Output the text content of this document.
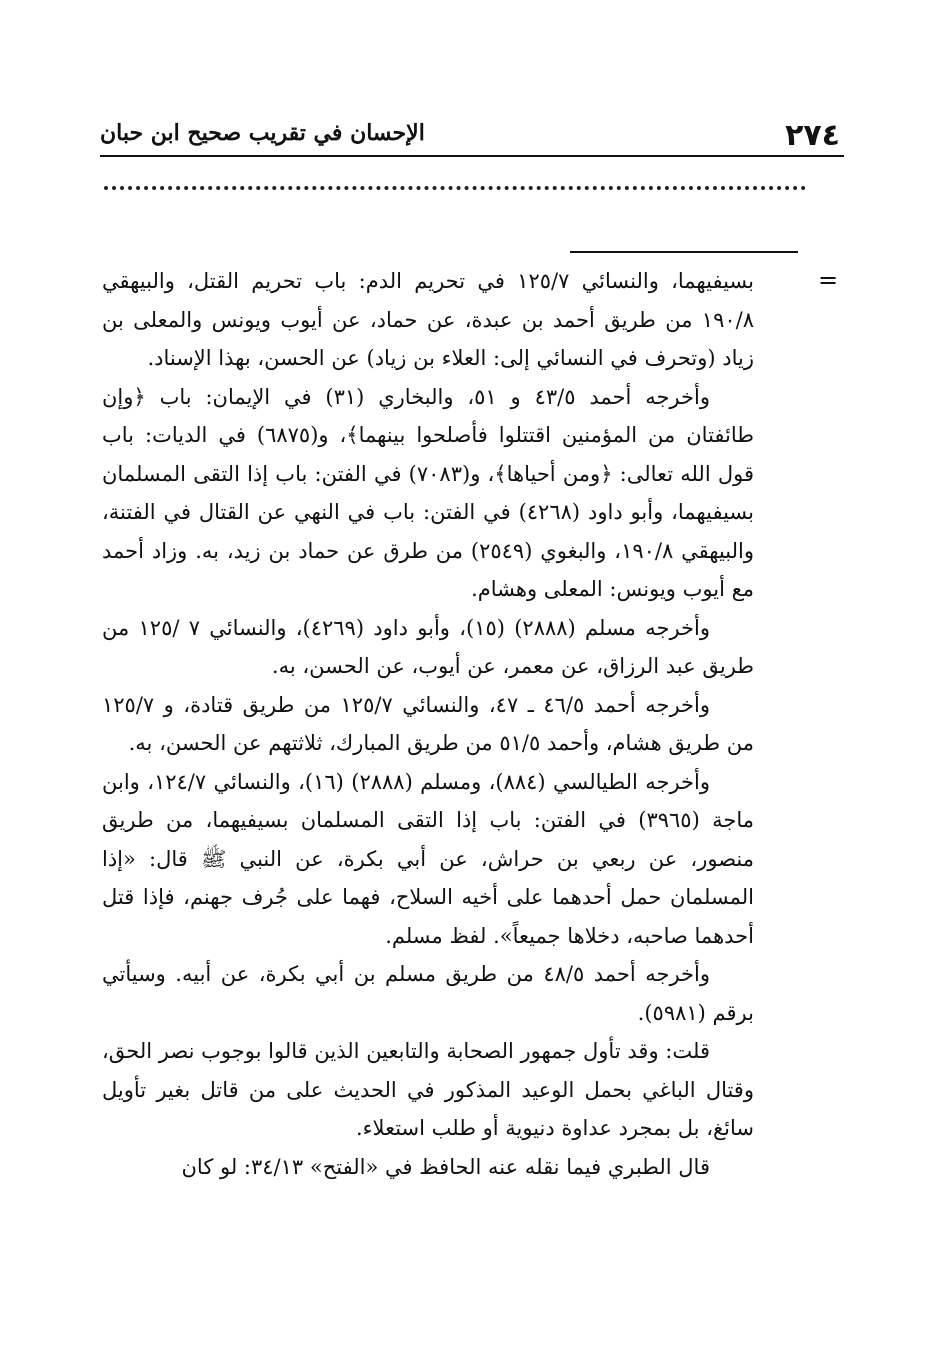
٢٧٤
الإحسان في تقريب صحيح ابن حبان
=

بسيفيهما، والنسائي ١٢٥/٧ في تحريم الدم: باب تحريم القتل، والبيهقي ١٩٠/٨ من طريق أحمد بن عبدة، عن حماد، عن أيوب ويونس والمعلى بن زياد (وتحرف في النسائي إلى: العلاء بن زياد) عن الحسن، بهذا الإسناد.

وأخرجه أحمد ٤٣/٥ و ٥١، والبخاري (٣١) في الإيمان: باب ﴿وإن طائفتان من المؤمنين اقتتلوا فأصلحوا بينهما﴾، و(٦٨٧٥) في الديات: باب قول الله تعالى: ﴿ومن أحياها﴾، و(٧٠٨٣) في الفتن: باب إذا التقى المسلمان بسيفيهما، وأبو داود (٤٢٦٨) في الفتن: باب في النهي عن القتال في الفتنة، والبيهقي ١٩٠/٨، والبغوي (٢٥٤٩) من طرق عن حماد بن زيد، به. وزاد أحمد مع أيوب ويونس: المعلى وهشام.

وأخرجه مسلم (٢٨٨٨) (١٥)، وأبو داود (٤٢٦٩)، والنسائي ٧ /١٢٥ من طريق عبد الرزاق، عن معمر، عن أيوب، عن الحسن، به.

وأخرجه أحمد ٤٦/٥ ـ ٤٧، والنسائي ١٢٥/٧ من طريق قتادة، و ١٢٥/٧ من طريق هشام، وأحمد ٥١/٥ من طريق المبارك، ثلاثتهم عن الحسن، به.

وأخرجه الطيالسي (٨٨٤)، ومسلم (٢٨٨٨) (١٦)، والنسائي ١٢٤/٧، وابن ماجة (٣٩٦٥) في الفتن: باب إذا التقى المسلمان بسيفيهما، من طريق منصور، عن ربعي بن حراش، عن أبي بكرة، عن النبي ﷺ قال: «إذا المسلمان حمل أحدهما على أخيه السلاح، فهما على جُرف جهنم، فإذا قتل أحدهما صاحبه، دخلاها جميعاً». لفظ مسلم.

وأخرجه أحمد ٤٨/٥ من طريق مسلم بن أبي بكرة، عن أبيه. وسيأتي برقم (٥٩٨١).

قلت: وقد تأول جمهور الصحابة والتابعين الذين قالوا بوجوب نصر الحق، وقتال الباغي بحمل الوعيد المذكور في الحديث على من قاتل بغير تأويل سائغ، بل بمجرد عداوة دنيوية أو طلب استعلاء.

قال الطبري فيما نقله عنه الحافظ في «الفتح» ٣٤/١٣: لو كان
